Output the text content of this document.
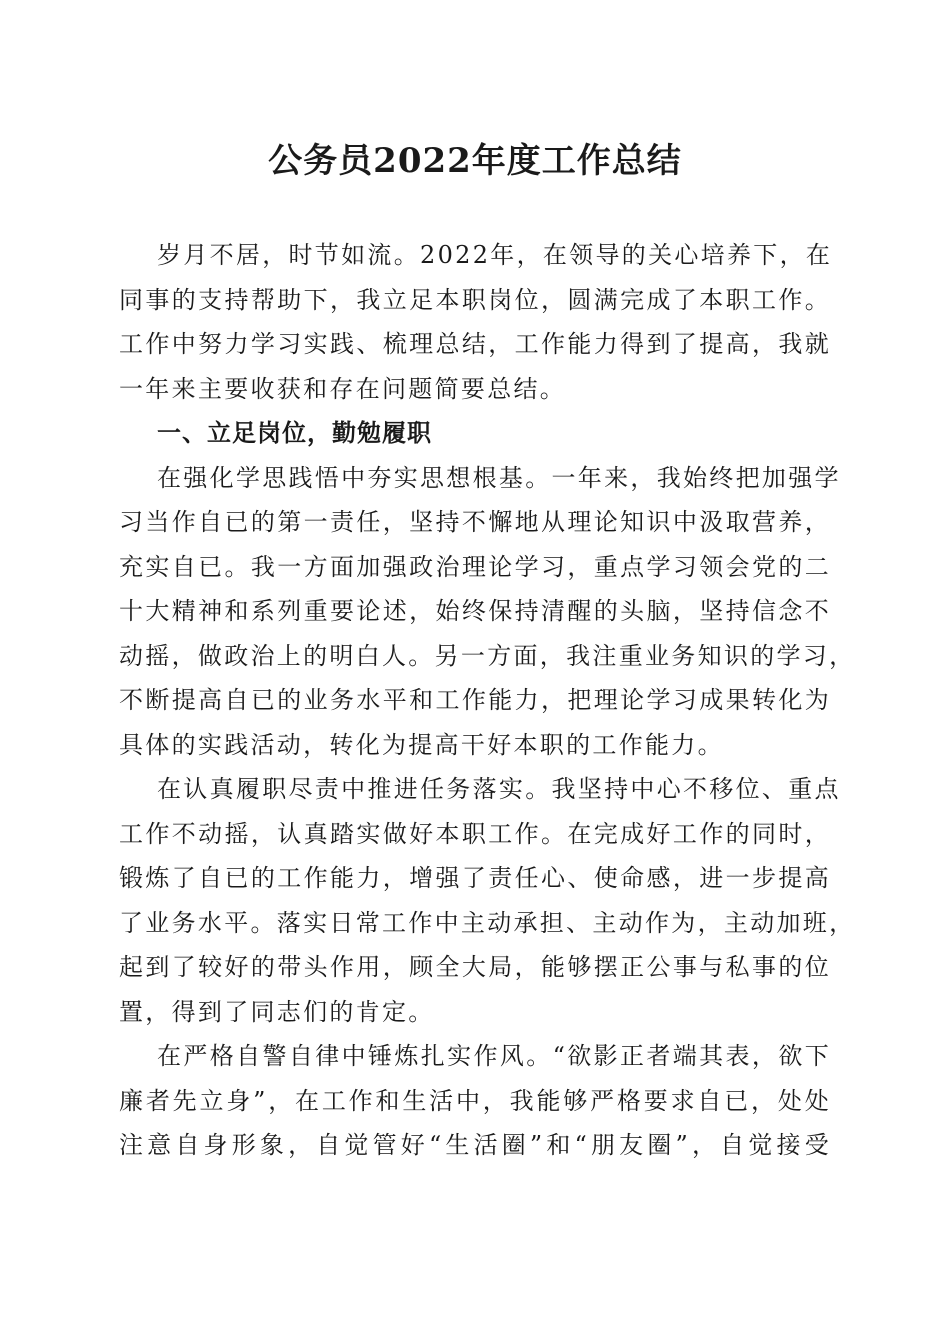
公务员2022年度工作总结
岁月不居，时节如流。2022年，在领导的关心培养下，在
同事的支持帮助下，我立足本职岗位，圆满完成了本职工作。
工作中努力学习实践、梳理总结，工作能力得到了提高，我就
一年来主要收获和存在问题简要总结。
一、立足岗位，勤勉履职
在强化学思践悟中夯实思想根基。一年来，我始终把加强学
习当作自已的第一责任，坚持不懈地从理论知识中汲取营养，
充实自已。我一方面加强政治理论学习，重点学习领会党的二
十大精神和系列重要论述，始终保持清醒的头脑，坚持信念不
动摇，做政治上的明白人。另一方面，我注重业务知识的学习，
不断提高自已的业务水平和工作能力，把理论学习成果转化为
具体的实践活动，转化为提高干好本职的工作能力。
在认真履职尽责中推进任务落实。我坚持中心不移位、重点
工作不动摇，认真踏实做好本职工作。在完成好工作的同时，
锻炼了自已的工作能力，增强了责任心、使命感，进一步提高
了业务水平。落实日常工作中主动承担、主动作为，主动加班，
起到了较好的带头作用，顾全大局，能够摆正公事与私事的位
置，得到了同志们的肯定。
在严格自警自律中锤炼扎实作风。“欲影正者端其表，欲下
廉者先立身”，在工作和生活中，我能够严格要求自已，处处
注意自身形象，自觉管好“生活圈”和“朋友圈”，自觉接受
